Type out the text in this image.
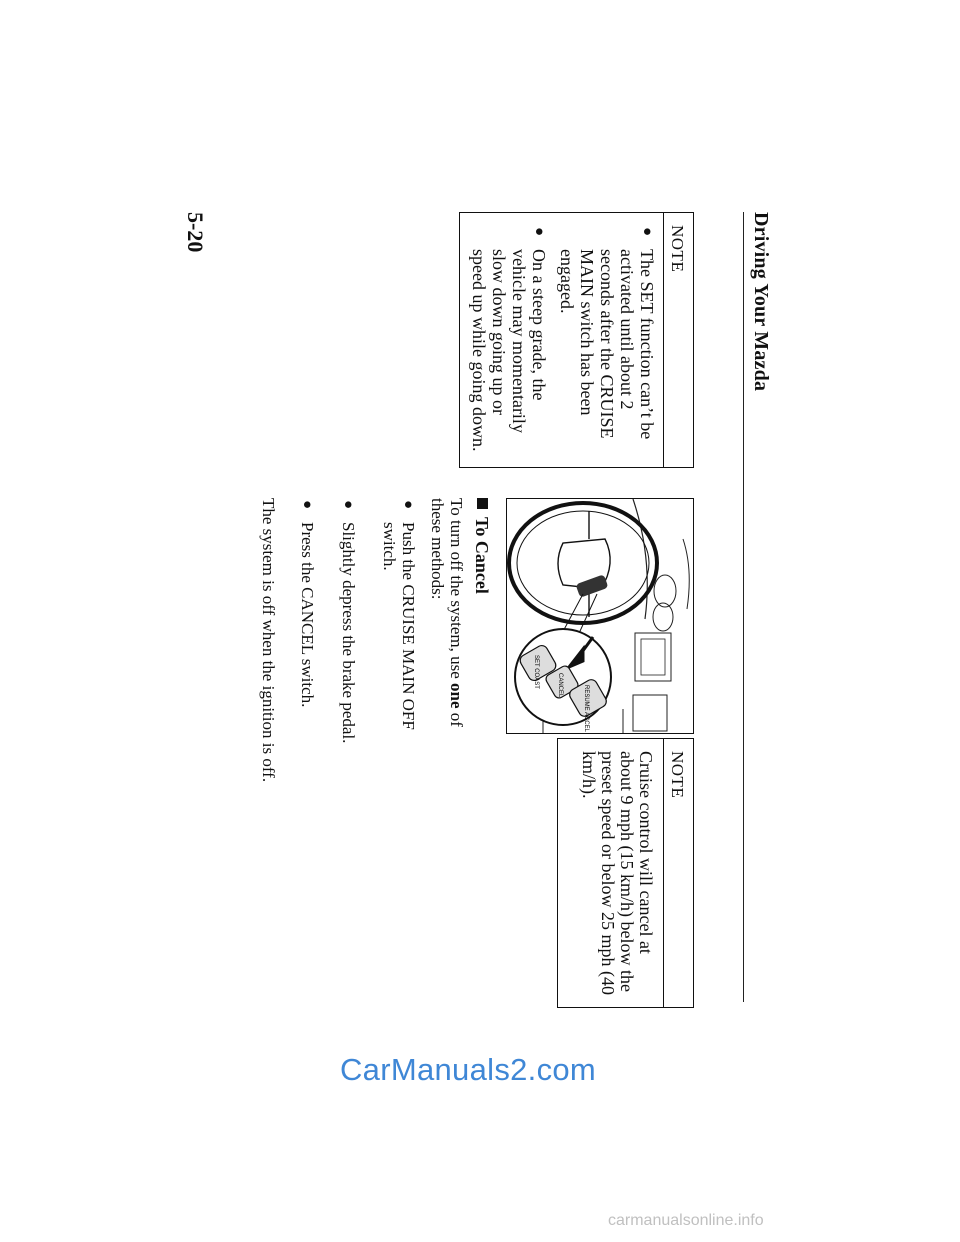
Driving Your Mazda
NOTE
●
The SET function can’t be activated until about 2 seconds after the CRUISE MAIN switch has been engaged.
●
On a steep grade, the vehicle may momentarily slow down going up or speed up while going down.
SET COAST	CANCEL	RESUME ACCEL
To Cancel
To turn off the system, use one of these methods:
●
Push the CRUISE MAIN OFF switch.
●
Slightly depress the brake pedal.
●
Press the CANCEL switch.
The system is off when the ignition is off.	NOTE
Cruise control will cancel at about 9 mph (15 km/h) below the preset speed or below 25 mph (40 km/h).
5-20
CarManuals2.com
carmanualsonline.info
